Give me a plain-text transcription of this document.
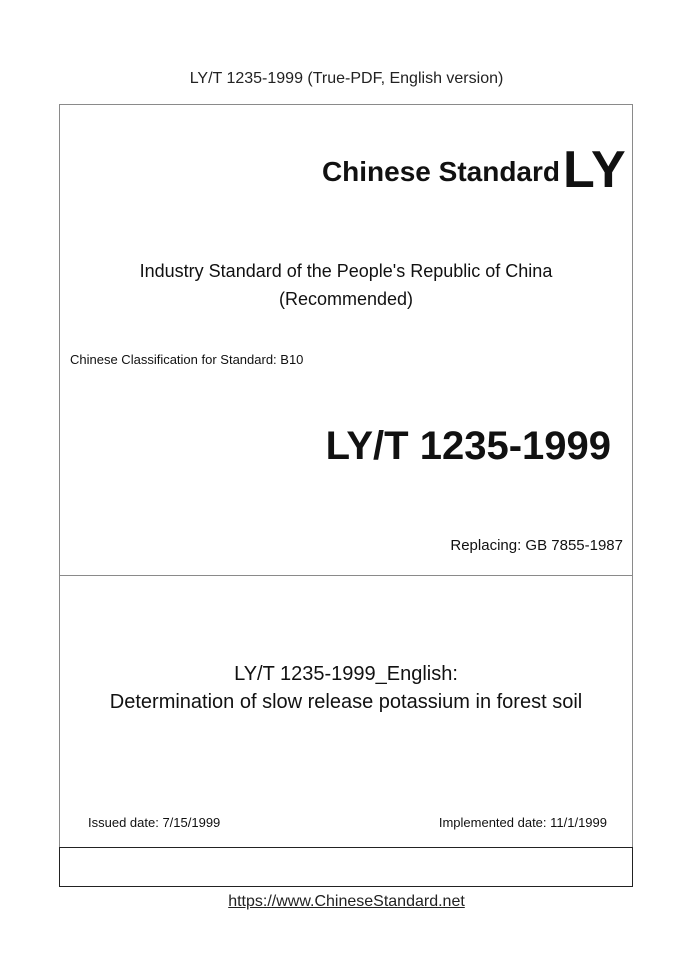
LY/T 1235-1999 (True-PDF, English version)
Chinese Standard LY
Industry Standard of the People's Republic of China
(Recommended)
Chinese Classification for Standard: B10
LY/T 1235-1999
Replacing: GB 7855-1987
LY/T 1235-1999_English:
Determination of slow release potassium in forest soil
Issued date: 7/15/1999	Implemented date: 11/1/1999
https://www.ChineseStandard.net
